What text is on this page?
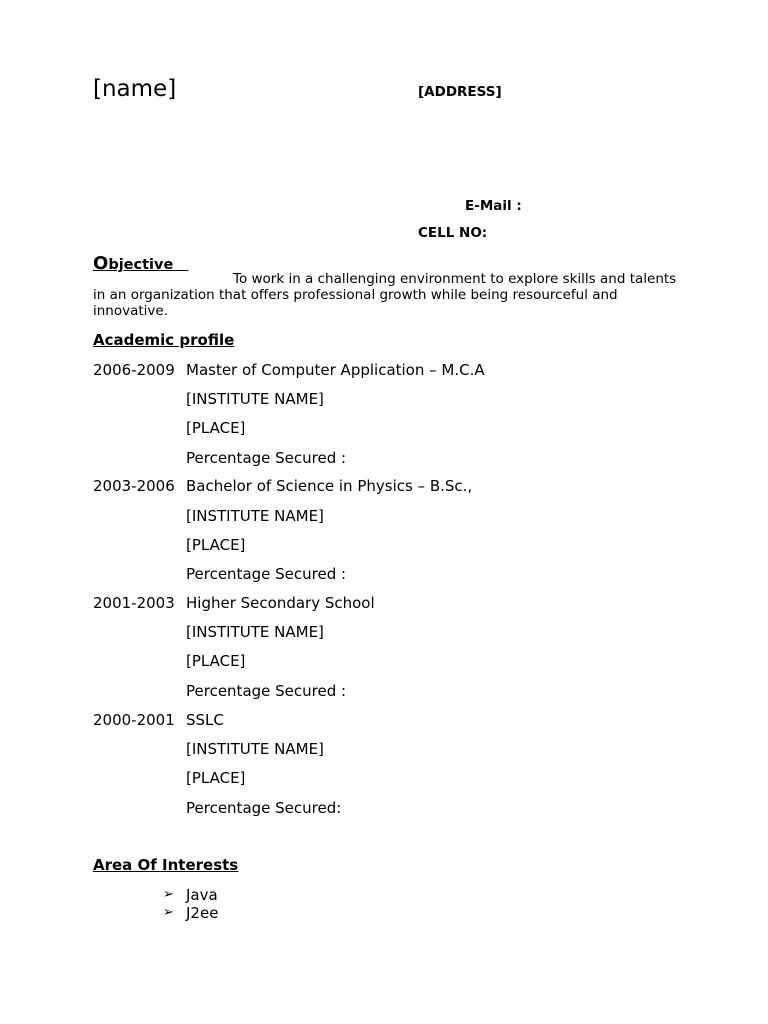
[name]	[ADDRESS]
E-Mail :
CELL NO:
Objective
To work in a challenging environment to explore skills and talents in an organization that offers professional growth while being resourceful and innovative.
Academic profile
2006-2009 Master of Computer Application – M.C.A
[INSTITUTE NAME]
[PLACE]
Percentage Secured :
2003-2006 Bachelor of Science in Physics – B.Sc.,
[INSTITUTE NAME]
[PLACE]
Percentage Secured :
2001-2003 Higher Secondary School
[INSTITUTE NAME]
[PLACE]
Percentage Secured :
2000-2001 SSLC
[INSTITUTE NAME]
[PLACE]
Percentage Secured:
Area Of Interests
➢ Java
➢ J2ee
